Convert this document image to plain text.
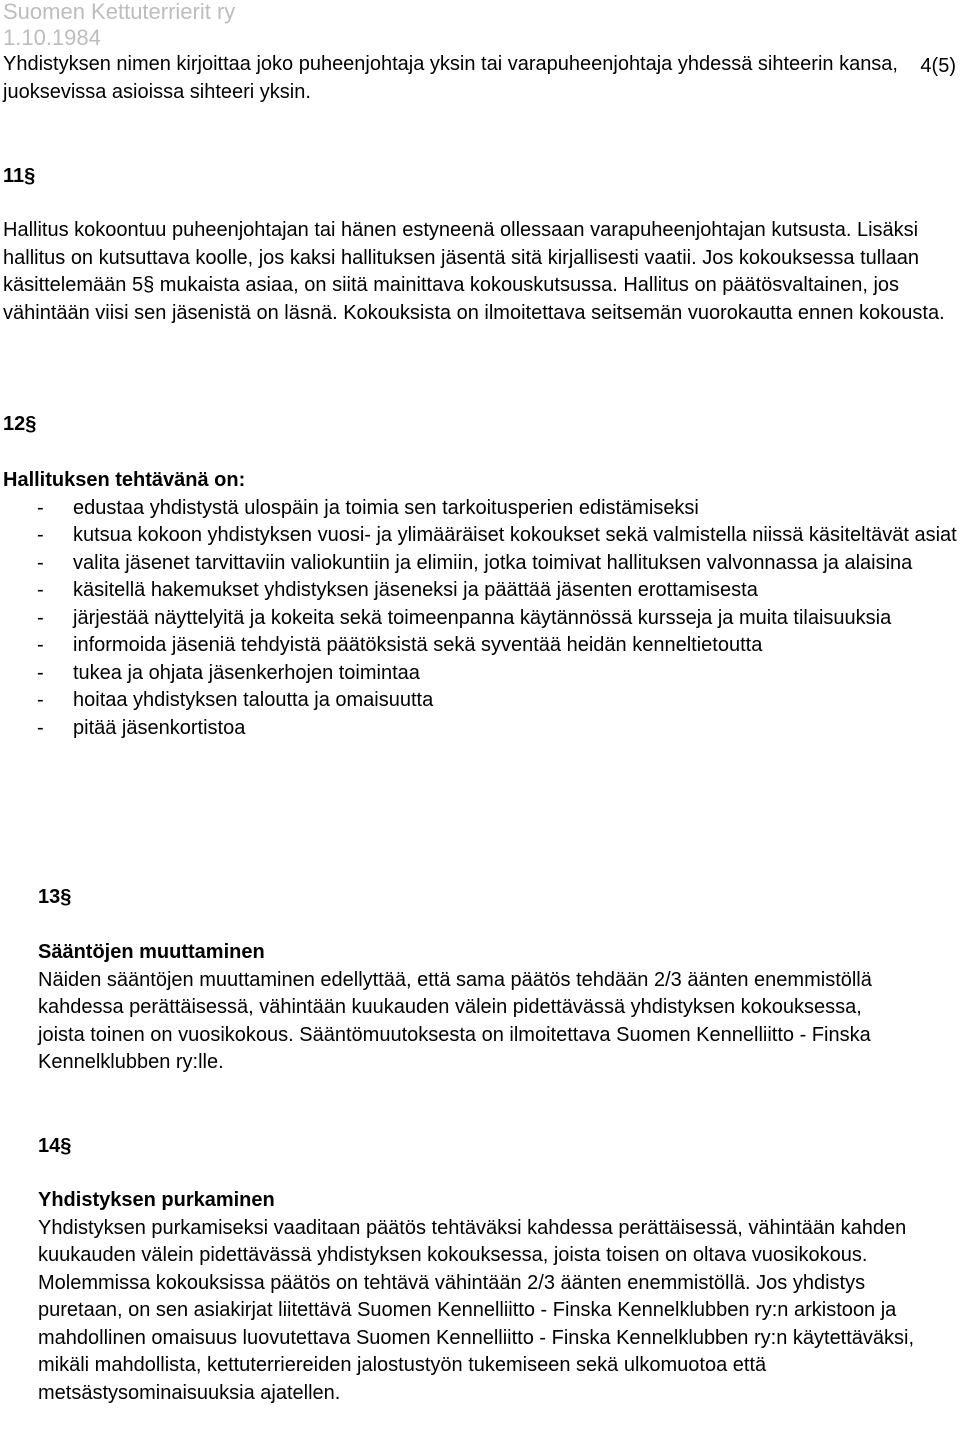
Suomen Kettuterrierit ry
1.10.1984
4(5)

Yhdistyksen nimen kirjoittaa joko puheenjohtaja yksin tai varapuheenjohtaja yhdessä sihteerin kansa, juoksevissa asioissa sihteeri yksin.

11§

Hallitus kokoontuu puheenjohtajan tai hänen estyneenä ollessaan varapuheenjohtajan kutsusta. Lisäksi hallitus on kutsuttava koolle, jos kaksi hallituksen jäsentä sitä kirjallisesti vaatii. Jos kokouksessa tullaan käsittelemään 5§ mukaista asiaa, on siitä mainittava kokouskutsussa. Hallitus on päätösvaltainen, jos vähintään viisi sen jäsenistä on läsnä. Kokouksista on ilmoitettava seitsemän vuorokautta ennen kokousta.

12§

Hallituksen tehtävänä on:

- edustaa yhdistystä ulospäin ja toimia sen tarkoitusperien edistämiseksi
- kutsua kokoon yhdistyksen vuosi- ja ylimääräiset kokoukset sekä valmistella niissä käsiteltävät asiat
- valita jäsenet tarvittaviin valiokuntiin ja elimiin, jotka toimivat hallituksen valvonnassa ja alaisina
- käsitellä hakemukset yhdistyksen jäseneksi ja päättää jäsenten erottamisesta
- järjestää näyttelyitä ja kokeita sekä toimeenpanna käytännössä kursseja ja muita tilaisuuksia
- informoida jäseniä tehdyistä päätöksistä sekä syventää heidän kenneltietoutta
- tukea ja ohjata jäsenkerhojen toimintaa
- hoitaa yhdistyksen taloutta ja omaisuutta
- pitää jäsenkortistoa
13§

Sääntöjen muuttaminen

Näiden sääntöjen muuttaminen edellyttää, että sama päätös tehdään 2/3 äänten enemmistöllä kahdessa perättäisessä, vähintään kuukauden välein pidettävässä yhdistyksen kokouksessa, joista toinen on vuosikokous. Sääntömuutoksesta on ilmoitettava Suomen Kennelliitto - Finska Kennelklubben ry:lle.

14§

Yhdistyksen purkaminen

Yhdistyksen purkamiseksi vaaditaan päätös tehtäväksi kahdessa perättäisessä, vähintään kahden kuukauden välein pidettävässä yhdistyksen kokouksessa, joista toisen on oltava vuosikokous. Molemmissa kokouksissa päätös on tehtävä vähintään 2/3 äänten enemmistöllä. Jos yhdistys puretaan, on sen asiakirjat liitettävä Suomen Kennelliitto - Finska Kennelklubben ry:n arkistoon ja mahdollinen omaisuus luovutettava Suomen Kennelliitto - Finska Kennelklubben ry:n käytettäväksi, mikäli mahdollista, kettuterriereiden jalostustyön tukemiseen sekä ulkomuotoa että metsästysominaisuuksia ajatellen.
